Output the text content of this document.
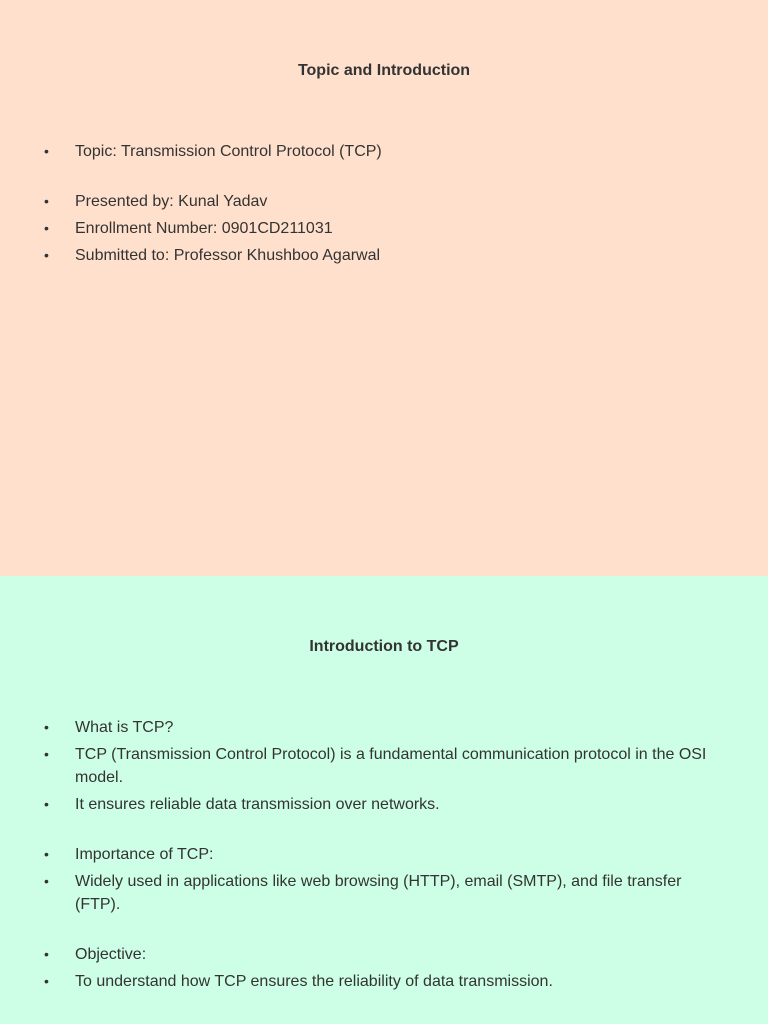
Topic and Introduction
• Topic: Transmission Control Protocol (TCP)
• Presented by: Kunal Yadav
• Enrollment Number: 0901CD211031
• Submitted to: Professor Khushboo Agarwal
Introduction to TCP
• What is TCP?
• TCP (Transmission Control Protocol) is a fundamental communication protocol in the OSI model.
• It ensures reliable data transmission over networks.
• Importance of TCP:
• Widely used in applications like web browsing (HTTP), email (SMTP), and file transfer (FTP).
• Objective:
• To understand how TCP ensures the reliability of data transmission.
